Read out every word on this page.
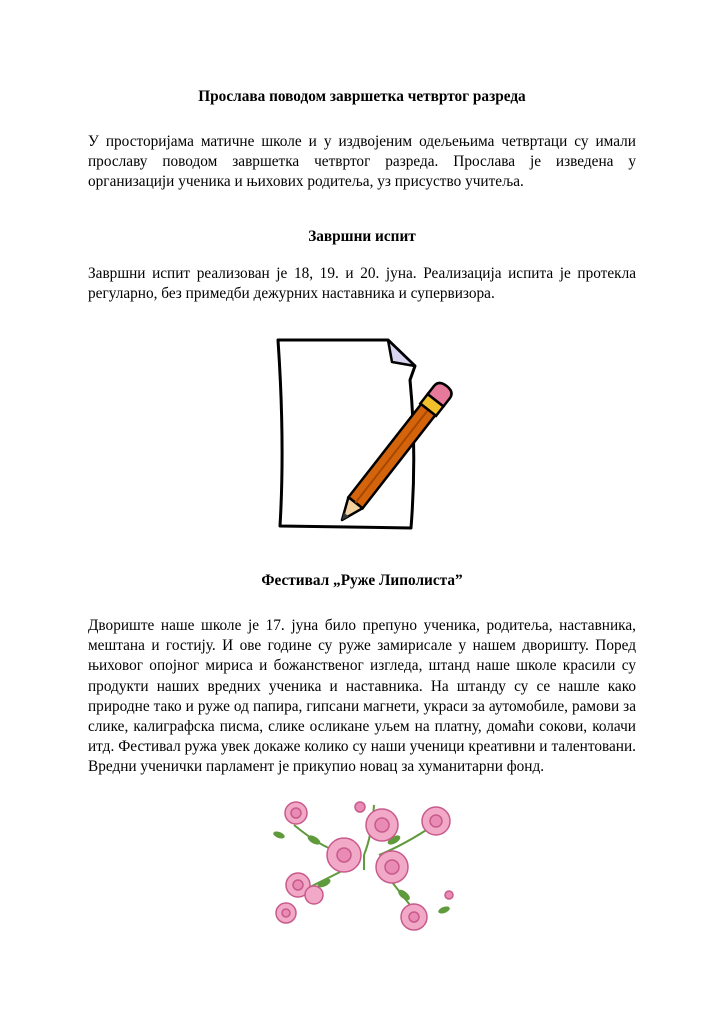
Прослава поводом завршетка четвртог разреда

У просторијама матичне школе и у издвојеним одељењима четвртаци су имали прославу поводом завршетка четвртог разреда. Прослава је изведена у организацији ученика и њихових родитеља, уз присуство учитеља.

Завршни испит

Завршни испит реализован је 18, 19. и 20. јуна. Реализација испита је протекла регуларно, без примедби дежурних наставника и супервизора.

Фестивал „Руже Липолиста”

Двориште наше школе је 17. јуна било препуно ученика, родитеља, наставника, мештана и гостију. И ове године су руже замирисале у нашем дворишту. Поред њиховог опојног мириса и божанственог изгледа, штанд наше школе красили су продукти наших вредних ученика и наставника. На штанду су се нашле како природне тако и руже од папира, гипсани магнети, украси за аутомобиле, рамови за слике, калиграфска писма, слике осликане уљем на платну, домаћи сокови, колачи итд. Фестивал ружа увек докаже колико су наши ученици креативни и талентовани. Вредни ученички парламент је прикупио новац за хуманитарни фонд.
